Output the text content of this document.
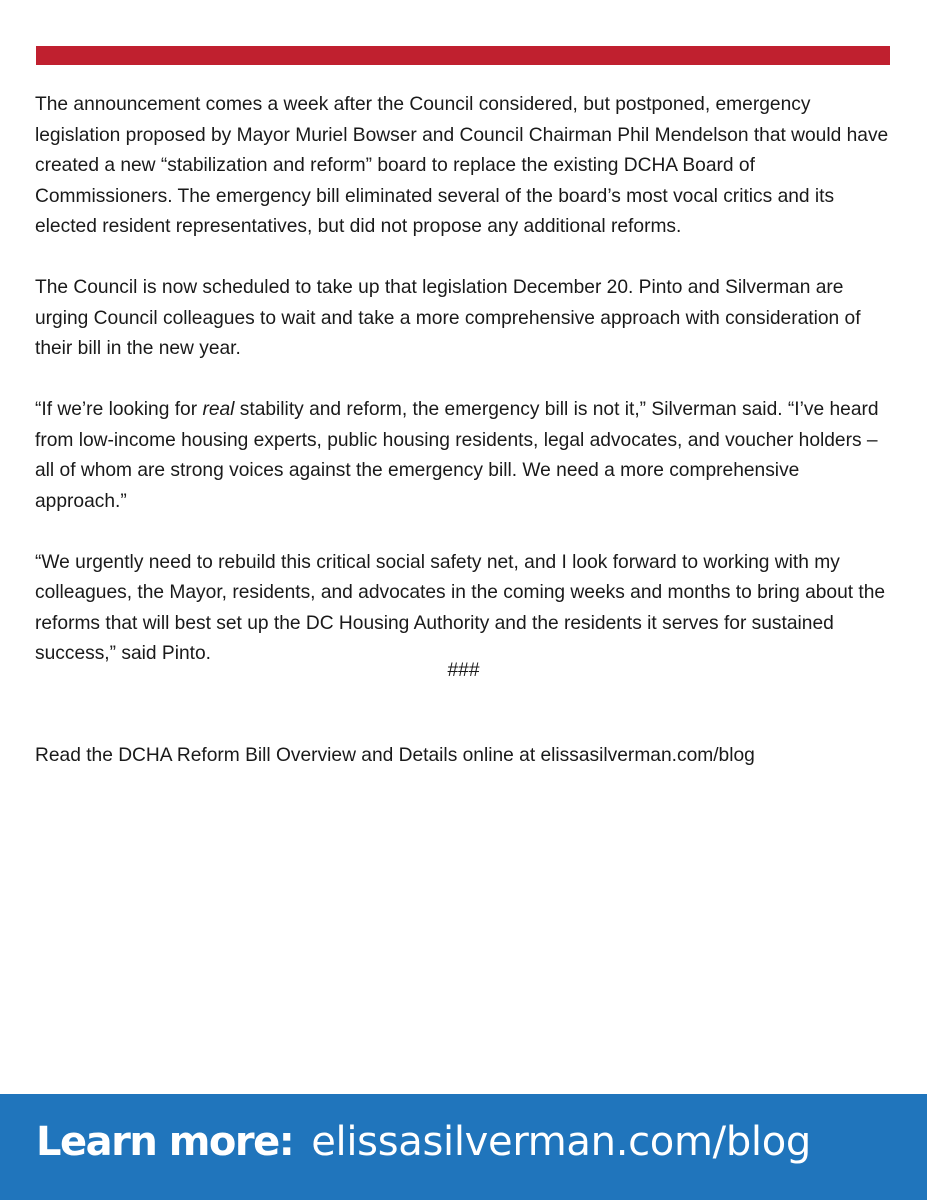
The announcement comes a week after the Council considered, but postponed, emergency legislation proposed by Mayor Muriel Bowser and Council Chairman Phil Mendelson that would have created a new “stabilization and reform” board to replace the existing DCHA Board of Commissioners. The emergency bill eliminated several of the board’s most vocal critics and its elected resident representatives, but did not propose any additional reforms.

The Council is now scheduled to take up that legislation December 20. Pinto and Silverman are urging Council colleagues to wait and take a more comprehensive approach with consideration of their bill in the new year.

“If we’re looking for real stability and reform, the emergency bill is not it,” Silverman said. “I’ve heard from low-income housing experts, public housing residents, legal advocates, and voucher holders – all of whom are strong voices against the emergency bill. We need a more comprehensive approach.”

“We urgently need to rebuild this critical social safety net, and I look forward to working with my colleagues, the Mayor, residents, and advocates in the coming weeks and months to bring about the reforms that will best set up the DC Housing Authority and the residents it serves for sustained success,” said Pinto.

###
Read the DCHA Reform Bill Overview and Details online at elissasilverman.com/blog
Learn more: elissasilverman.com/blog
